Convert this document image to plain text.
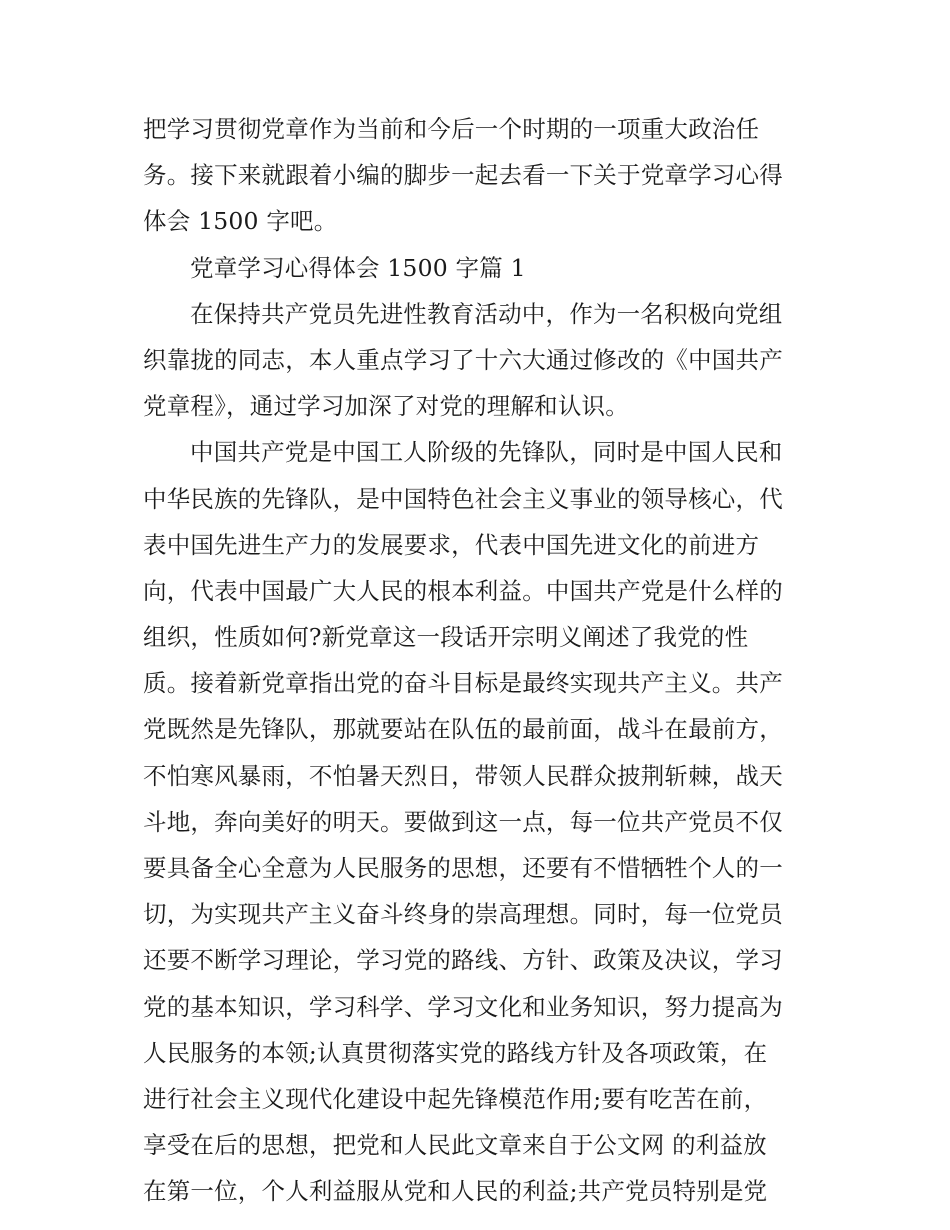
把学习贯彻党章作为当前和今后一个时期的一项重大政治任
务。接下来就跟着小编的脚步一起去看一下关于党章学习心得
体会 1500 字吧。
党章学习心得体会 1500 字篇 1
在保持共产党员先进性教育活动中，作为一名积极向党组
织靠拢的同志，本人重点学习了十六大通过修改的《中国共产
党章程》，通过学习加深了对党的理解和认识。
中国共产党是中国工人阶级的先锋队，同时是中国人民和
中华民族的先锋队，是中国特色社会主义事业的领导核心，代
表中国先进生产力的发展要求，代表中国先进文化的前进方
向，代表中国最广大人民的根本利益。中国共产党是什么样的
组织，性质如何?新党章这一段话开宗明义阐述了我党的性
质。接着新党章指出党的奋斗目标是最终实现共产主义。共产
党既然是先锋队，那就要站在队伍的最前面，战斗在最前方，
不怕寒风暴雨，不怕暑天烈日，带领人民群众披荆斩棘，战天
斗地，奔向美好的明天。要做到这一点，每一位共产党员不仅
要具备全心全意为人民服务的思想，还要有不惜牺牲个人的一
切，为实现共产主义奋斗终身的崇高理想。同时，每一位党员
还要不断学习理论，学习党的路线、方针、政策及决议，学习
党的基本知识，学习科学、学习文化和业务知识，努力提高为
人民服务的本领;认真贯彻落实党的路线方针及各项政策，在
进行社会主义现代化建设中起先锋模范作用;要有吃苦在前，
享受在后的思想，把党和人民此文章来自于公文网 的利益放
在第一位，个人利益服从党和人民的利益;共产党员特别是党
